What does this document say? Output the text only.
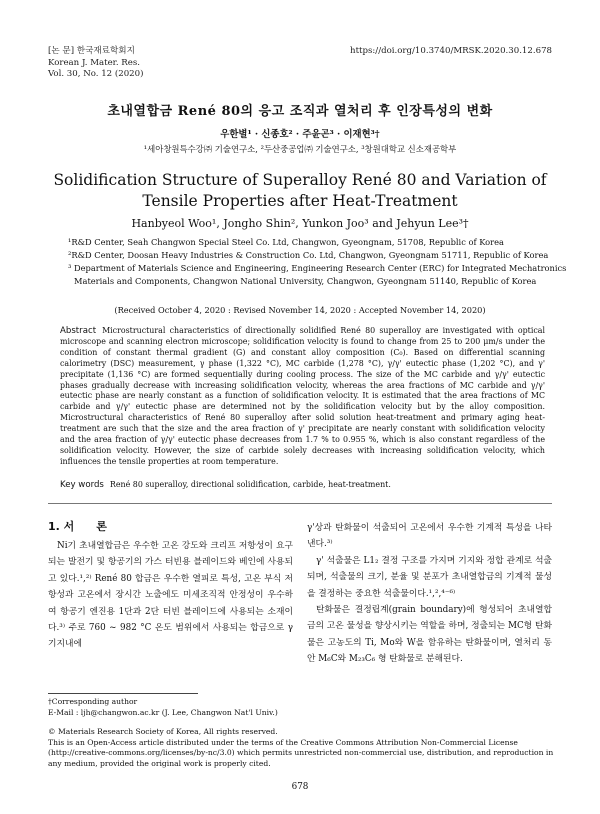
[논 문] 한국재료학회지
Korean J. Mater. Res.
Vol. 30, No. 12 (2020)
https://doi.org/10.3740/MRSK.2020.30.12.678
초내열합금 René 80의 응고 조직과 열처리 후 인장특성의 변화
우한별¹ · 신종호² · 주윤곤³ · 이재현³†
¹세아창원특수강㈜ 기술연구소, ²두산중공업㈜ 기술연구소, ³창원대학교 신소재공학부
Solidification Structure of Superalloy René 80 and Variation of
Tensile Properties after Heat-Treatment
Hanbyeol Woo¹, Jongho Shin², Yunkon Joo³ and Jehyun Lee³†
¹R&D Center, Seah Changwon Special Steel Co. Ltd, Changwon, Gyeongnam, 51708, Republic of Korea
²R&D Center, Doosan Heavy Industries & Construction Co. Ltd, Changwon, Gyeongnam 51711, Republic of Korea
³ Department of Materials Science and Engineering, Engineering Research Center (ERC) for Integrated Mechatronics
Materials and Components, Changwon National University, Changwon, Gyeongnam 51140, Republic of Korea
(Received October 4, 2020 : Revised November 14, 2020 : Accepted November 14, 2020)
Abstract Microstructural characteristics of directionally solidified René 80 superalloy are investigated with optical microscope and scanning electron microscope; solidification velocity is found to change from 25 to 200 μm/s under the condition of constant thermal gradient (G) and constant alloy composition (C₀). Based on differential scanning calorimetry (DSC) measurement, γ phase (1,322 °C), MC carbide (1,278 °C), γ/γ' eutectic phase (1,202 °C), and γ' precipitate (1,136 °C) are formed sequentially during cooling process. The size of the MC carbide and γ/γ' eutectic phases gradually decrease with increasing solidification velocity, whereas the area fractions of MC carbide and γ/γ' eutectic phase are nearly constant as a function of solidification velocity. It is estimated that the area fractions of MC carbide and γ/γ' eutectic phase are determined not by the solidification velocity but by the alloy composition. Microstructural characteristics of René 80 superalloy after solid solution heat-treatment and primary aging heat-treatment are such that the size and the area fraction of γ' precipitate are nearly constant with solidification velocity and the area fraction of γ/γ' eutectic phase decreases from 1.7 % to 0.955 %, which is also constant regardless of the solidification velocity. However, the size of carbide solely decreases with increasing solidification velocity, which influences the tensile properties at room temperature.
Key words René 80 superalloy, directional solidification, carbide, heat-treatment.
1. 서　　론
Ni기 초내열합금은 우수한 고온 강도와 크리프 저항성이 요구되는 발전기 및 항공기의 가스 터빈용 블레이드와 베인에 사용되고 있다.¹,²⁾ René 80 합금은 우수한 열피로 특성, 고온 부식 저항성과 고온에서 장시간 노출에도 미세조직적 안정성이 우수하여 항공기 엔진용 1단과 2단 터빈 블레이드에 사용되는 소재이다.³⁾ 주로 760 ~ 982 °C 온도 범위에서 사용되는 합금으로 γ 기지내에
γ'상과 탄화물이 석출되어 고온에서 우수한 기계적 특성을 나타낸다.³⁾
γ' 석출물은 L1₂ 결정 구조를 가지며 기지와 정합 관계로 석출되며, 석출물의 크기, 분율 및 분포가 초내열합금의 기계적 물성을 결정하는 중요한 석출물이다.¹,²,⁴⁻⁶⁾
탄화물은 결정립계(grain boundary)에 형성되어 초내열합금의 고온 물성을 향상시키는 역할을 하며, 정출되는 MC형 탄화물은 고농도의 Ti, Mo와 W을 함유하는 탄화물이며, 열처리 동안 M₆C와 M₂₃C₆ 형 탄화물로 분해된다.
†Corresponding author
E-Mail : ljh@changwon.ac.kr (J. Lee, Changwon Nat'l Univ.)
© Materials Research Society of Korea, All rights reserved.
This is an Open-Access article distributed under the terms of the Creative Commons Attribution Non-Commercial License (http://creative-commons.org/licenses/by-nc/3.0) which permits unrestricted non-commercial use, distribution, and reproduction in any medium, provided the original work is properly cited.
678
